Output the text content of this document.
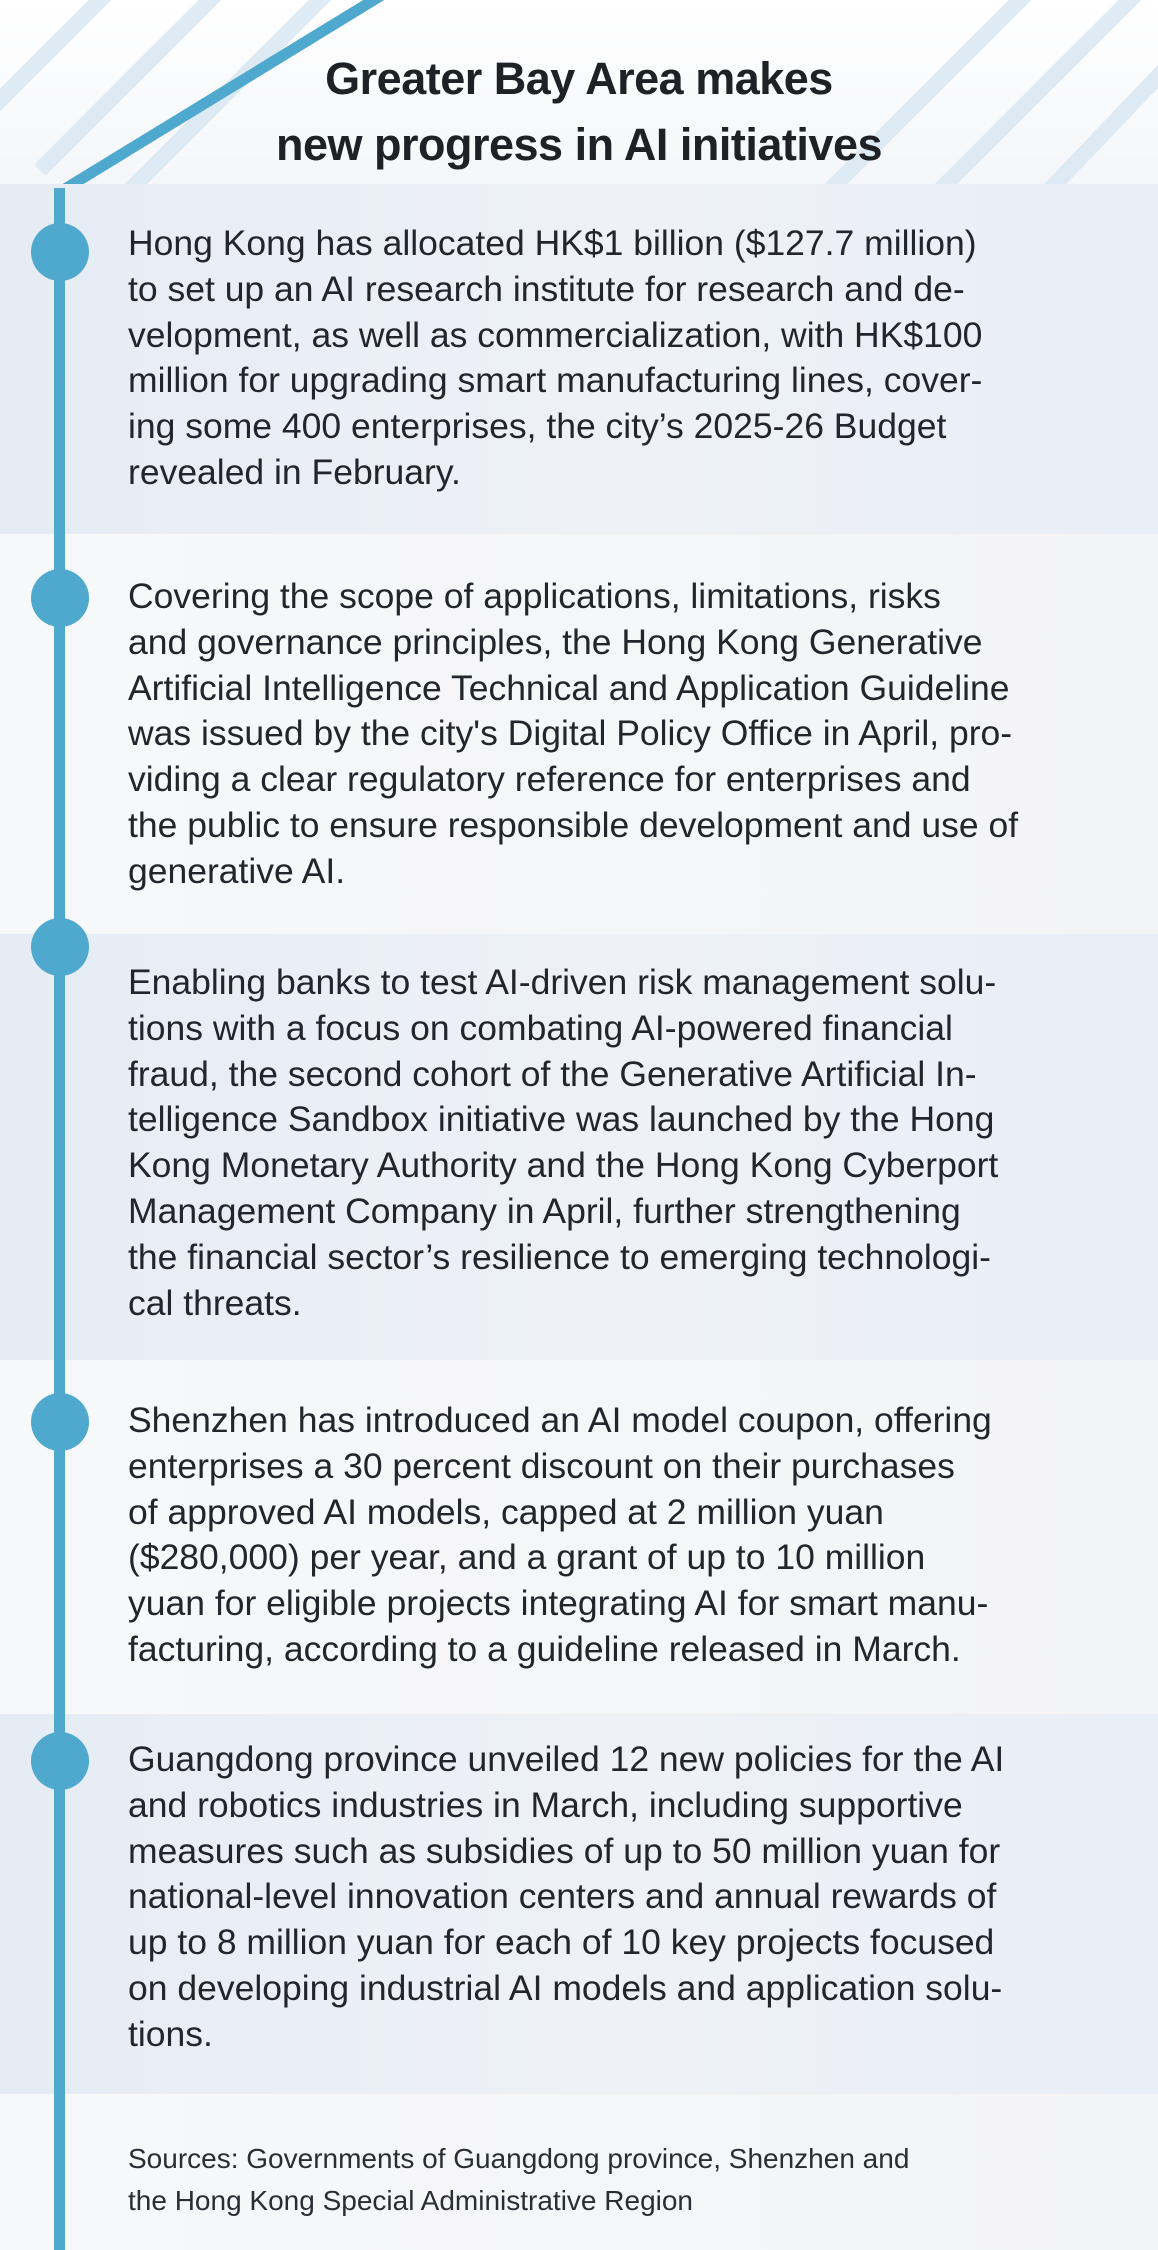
Greater Bay Area makes
new progress in AI initiatives

Hong Kong has allocated HK$1 billion ($127.7 million)
to set up an AI research institute for research and de-
velopment, as well as commercialization, with HK$100
million for upgrading smart manufacturing lines, cover-
ing some 400 enterprises, the city’s 2025-26 Budget
revealed in February.

Covering the scope of applications, limitations, risks
and governance principles, the Hong Kong Generative
Artificial Intelligence Technical and Application Guideline
was issued by the city's Digital Policy Office in April, pro-
viding a clear regulatory reference for enterprises and
the public to ensure responsible development and use of
generative AI.

Enabling banks to test AI-driven risk management solu-
tions with a focus on combating AI-powered financial
fraud, the second cohort of the Generative Artificial In-
telligence Sandbox initiative was launched by the Hong
Kong Monetary Authority and the Hong Kong Cyberport
Management Company in April, further strengthening
the financial sector’s resilience to emerging technologi-
cal threats.

Shenzhen has introduced an AI model coupon, offering
enterprises a 30 percent discount on their purchases
of approved AI models, capped at 2 million yuan
($280,000) per year, and a grant of up to 10 million
yuan for eligible projects integrating AI for smart manu-
facturing, according to a guideline released in March.

Guangdong province unveiled 12 new policies for the AI
and robotics industries in March, including supportive
measures such as subsidies of up to 50 million yuan for
national-level innovation centers and annual rewards of
up to 8 million yuan for each of 10 key projects focused
on developing industrial AI models and application solu-
tions.

Sources: Governments of Guangdong province, Shenzhen and
the Hong Kong Special Administrative Region
